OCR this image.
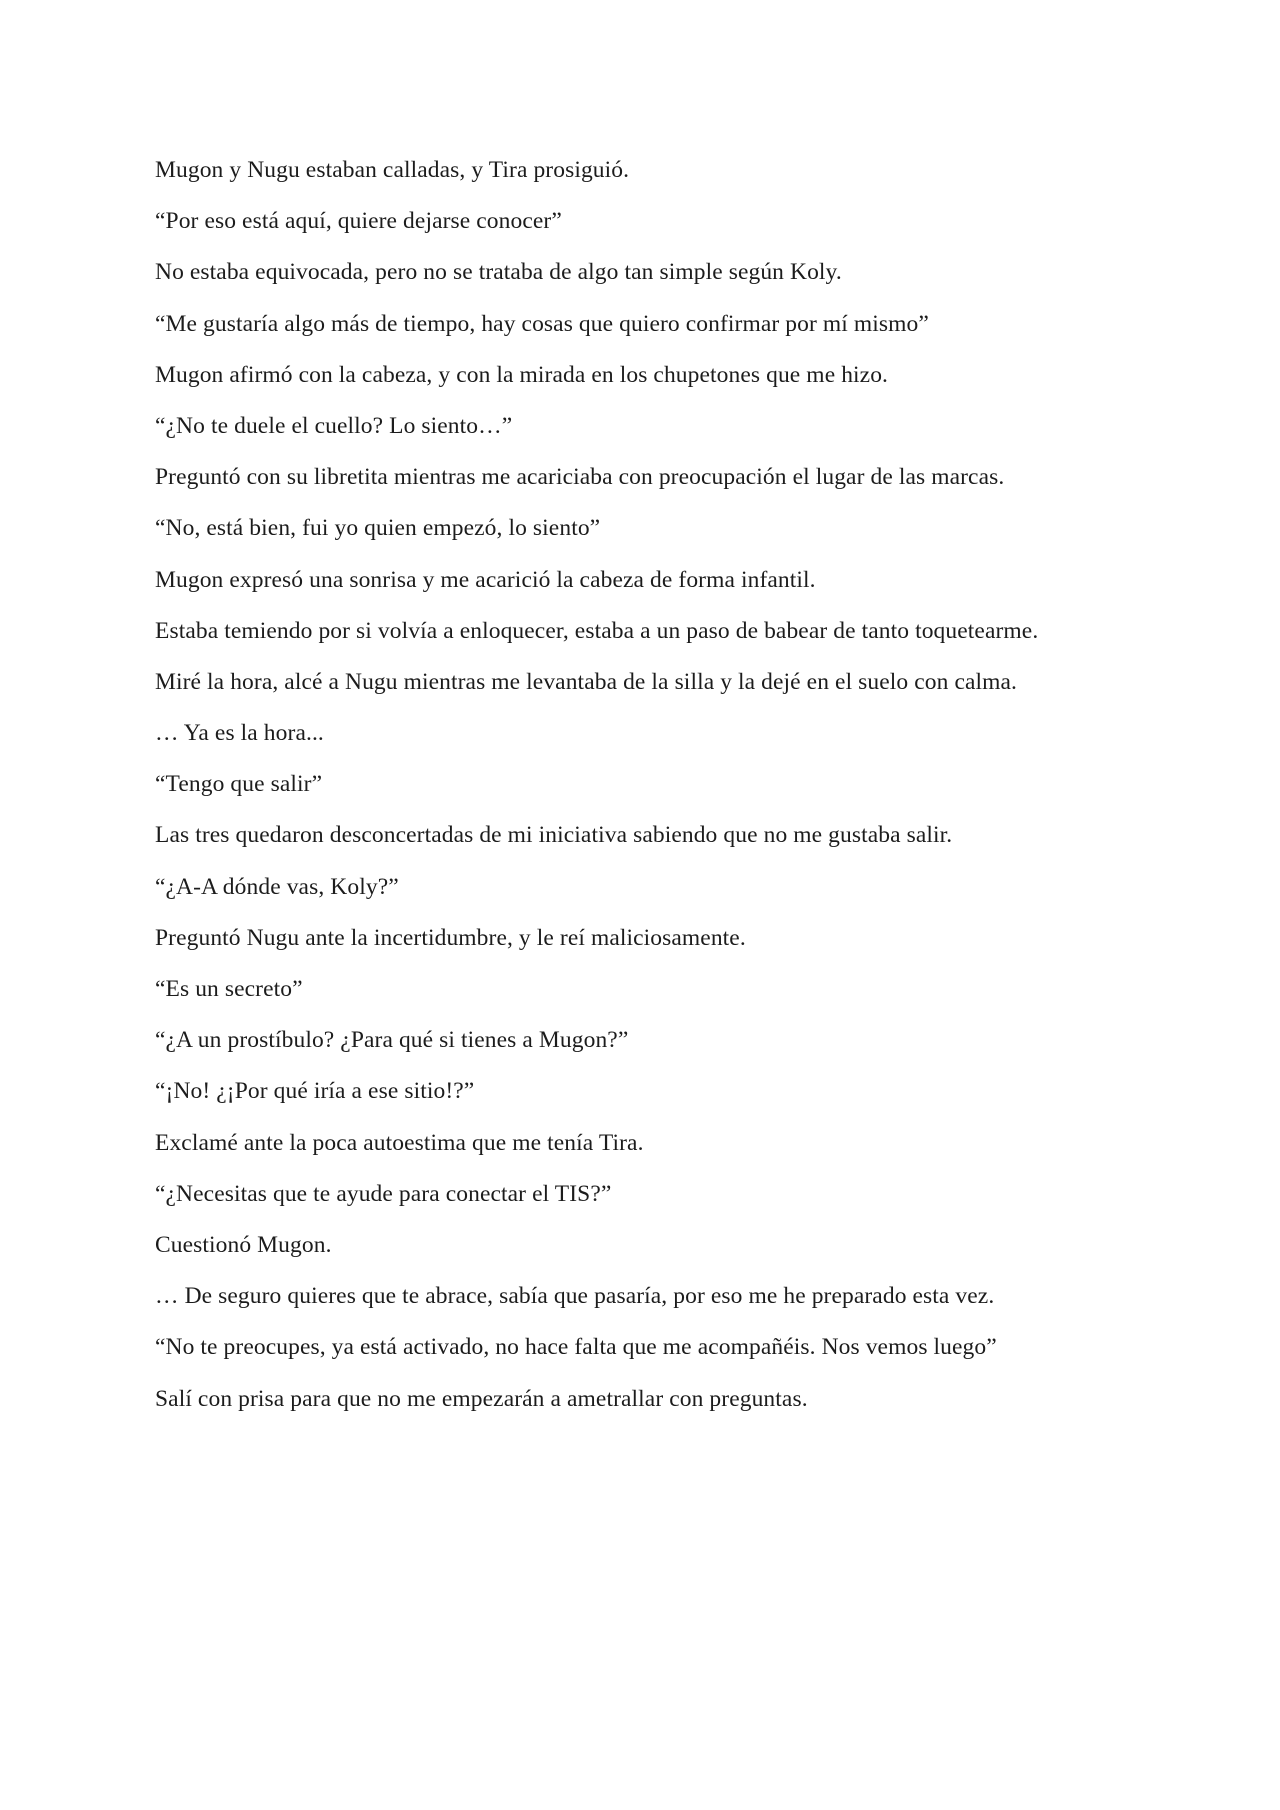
Mugon y Nugu estaban calladas, y Tira prosiguió.

“Por eso está aquí, quiere dejarse conocer”

No estaba equivocada, pero no se trataba de algo tan simple según Koly.

“Me gustaría algo más de tiempo, hay cosas que quiero confirmar por mí mismo”

Mugon afirmó con la cabeza, y con la mirada en los chupetones que me hizo.

“¿No te duele el cuello? Lo siento…”

Preguntó con su libretita mientras me acariciaba con preocupación el lugar de las marcas.

“No, está bien, fui yo quien empezó, lo siento”

Mugon expresó una sonrisa y me acarició la cabeza de forma infantil.

Estaba temiendo por si volvía a enloquecer, estaba a un paso de babear de tanto toquetearme.

Miré la hora, alcé a Nugu mientras me levantaba de la silla y la dejé en el suelo con calma.

… Ya es la hora...

“Tengo que salir”

Las tres quedaron desconcertadas de mi iniciativa sabiendo que no me gustaba salir.

“¿A-A dónde vas, Koly?”

Preguntó Nugu ante la incertidumbre, y le reí maliciosamente.

“Es un secreto”

“¿A un prostíbulo? ¿Para qué si tienes a Mugon?”

“¡No! ¿¡Por qué iría a ese sitio!?”

Exclamé ante la poca autoestima que me tenía Tira.

“¿Necesitas que te ayude para conectar el TIS?”

Cuestionó Mugon.

… De seguro quieres que te abrace, sabía que pasaría, por eso me he preparado esta vez.

“No te preocupes, ya está activado, no hace falta que me acompañéis. Nos vemos luego”

Salí con prisa para que no me empezarán a ametrallar con preguntas.
